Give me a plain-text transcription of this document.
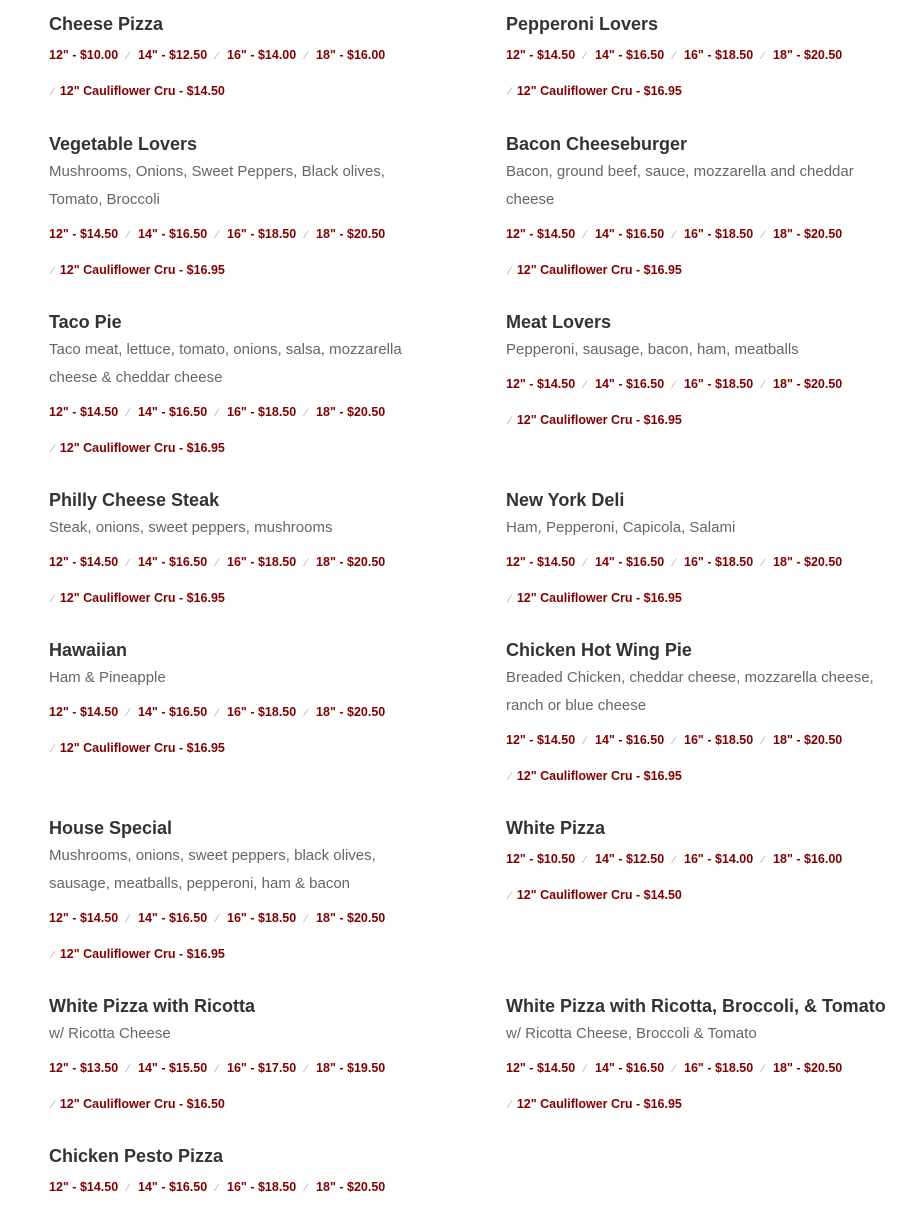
Cheese Pizza
12" - $10.00 ⁄ 14" - $12.50 ⁄ 16" - $14.00 ⁄ 18" - $16.00
⁄ 12" Cauliflower Cru - $14.50
Pepperoni Lovers
12" - $14.50 ⁄ 14" - $16.50 ⁄ 16" - $18.50 ⁄ 18" - $20.50
⁄ 12" Cauliflower Cru - $16.95
Vegetable Lovers
Mushrooms, Onions, Sweet Peppers, Black olives, Tomato, Broccoli
12" - $14.50 ⁄ 14" - $16.50 ⁄ 16" - $18.50 ⁄ 18" - $20.50
⁄ 12" Cauliflower Cru - $16.95
Bacon Cheeseburger
Bacon, ground beef, sauce, mozzarella and cheddar cheese
12" - $14.50 ⁄ 14" - $16.50 ⁄ 16" - $18.50 ⁄ 18" - $20.50
⁄ 12" Cauliflower Cru - $16.95
Taco Pie
Taco meat, lettuce, tomato, onions, salsa, mozzarella cheese & cheddar cheese
12" - $14.50 ⁄ 14" - $16.50 ⁄ 16" - $18.50 ⁄ 18" - $20.50
⁄ 12" Cauliflower Cru - $16.95
Meat Lovers
Pepperoni, sausage, bacon, ham, meatballs
12" - $14.50 ⁄ 14" - $16.50 ⁄ 16" - $18.50 ⁄ 18" - $20.50
⁄ 12" Cauliflower Cru - $16.95
Philly Cheese Steak
Steak, onions, sweet peppers, mushrooms
12" - $14.50 ⁄ 14" - $16.50 ⁄ 16" - $18.50 ⁄ 18" - $20.50
⁄ 12" Cauliflower Cru - $16.95
New York Deli
Ham, Pepperoni, Capicola, Salami
12" - $14.50 ⁄ 14" - $16.50 ⁄ 16" - $18.50 ⁄ 18" - $20.50
⁄ 12" Cauliflower Cru - $16.95
Hawaiian
Ham & Pineapple
12" - $14.50 ⁄ 14" - $16.50 ⁄ 16" - $18.50 ⁄ 18" - $20.50
⁄ 12" Cauliflower Cru - $16.95
Chicken Hot Wing Pie
Breaded Chicken, cheddar cheese, mozzarella cheese, ranch or blue cheese
12" - $14.50 ⁄ 14" - $16.50 ⁄ 16" - $18.50 ⁄ 18" - $20.50
⁄ 12" Cauliflower Cru - $16.95
House Special
Mushrooms, onions, sweet peppers, black olives, sausage, meatballs, pepperoni, ham & bacon
12" - $14.50 ⁄ 14" - $16.50 ⁄ 16" - $18.50 ⁄ 18" - $20.50
⁄ 12" Cauliflower Cru - $16.95
White Pizza
12" - $10.50 ⁄ 14" - $12.50 ⁄ 16" - $14.00 ⁄ 18" - $16.00
⁄ 12" Cauliflower Cru - $14.50
White Pizza with Ricotta
w/ Ricotta Cheese
12" - $13.50 ⁄ 14" - $15.50 ⁄ 16" - $17.50 ⁄ 18" - $19.50
⁄ 12" Cauliflower Cru - $16.50
White Pizza with Ricotta, Broccoli, & Tomato
w/ Ricotta Cheese, Broccoli & Tomato
12" - $14.50 ⁄ 14" - $16.50 ⁄ 16" - $18.50 ⁄ 18" - $20.50
⁄ 12" Cauliflower Cru - $16.95
Chicken Pesto Pizza
12" - $14.50 ⁄ 14" - $16.50 ⁄ 16" - $18.50 ⁄ 18" - $20.50
